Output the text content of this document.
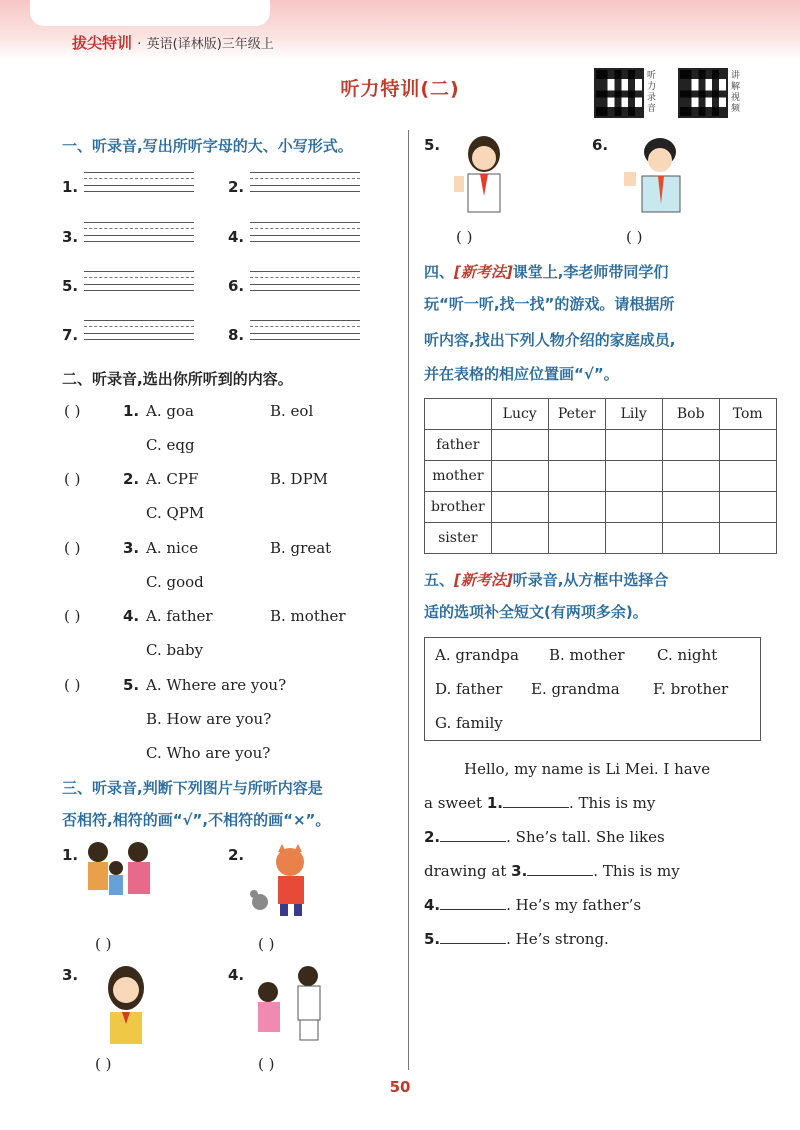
拔尖特训 · 英语(译林版)三年级上
听力特训(二)
听力录音
讲解视频
一、听录音,写出所听字母的大、小写形式。
1.	2.
3.	4.
5.	6.
7.	8.
二、听录音,选出你所听到的内容。
( )	1. A. goa	B. eol
C. eqg
( )	2. A. CPF	B. DPM
C. QPM
( )	3. A. nice	B. great
C. good
( )	4. A. father	B. mother
C. baby
( )	5. A. Where are you?
B. How are you?
C. Who are you?
三、听录音,判断下列图片与所听内容是
否相符,相符的画“√”,不相符的画“×”。
1.
( )
2.
( )
3.
( )
4.
( )
5.
( )
6.
( )
四、[新考法]课堂上,李老师带同学们
玩“听一听,找一找”的游戏。请根据所
听内容,找出下列人物介绍的家庭成员,
并在表格的相应位置画“√”。
	Lucy	Peter	Lily	Bob	Tom
father					
mother					
brother					
sister					
五、[新考法]听录音,从方框中选择合
适的选项补全短文(有两项多余)。
A. grandpa B. mother C. night
D. father E. grandma F. brother
G. family
Hello, my name is Li Mei. I have
a sweet 1.	. This is my
2.	. She’s tall. She likes
drawing at 3.	. This is my
4.	. He’s my father’s
5.	. He’s strong.
50
